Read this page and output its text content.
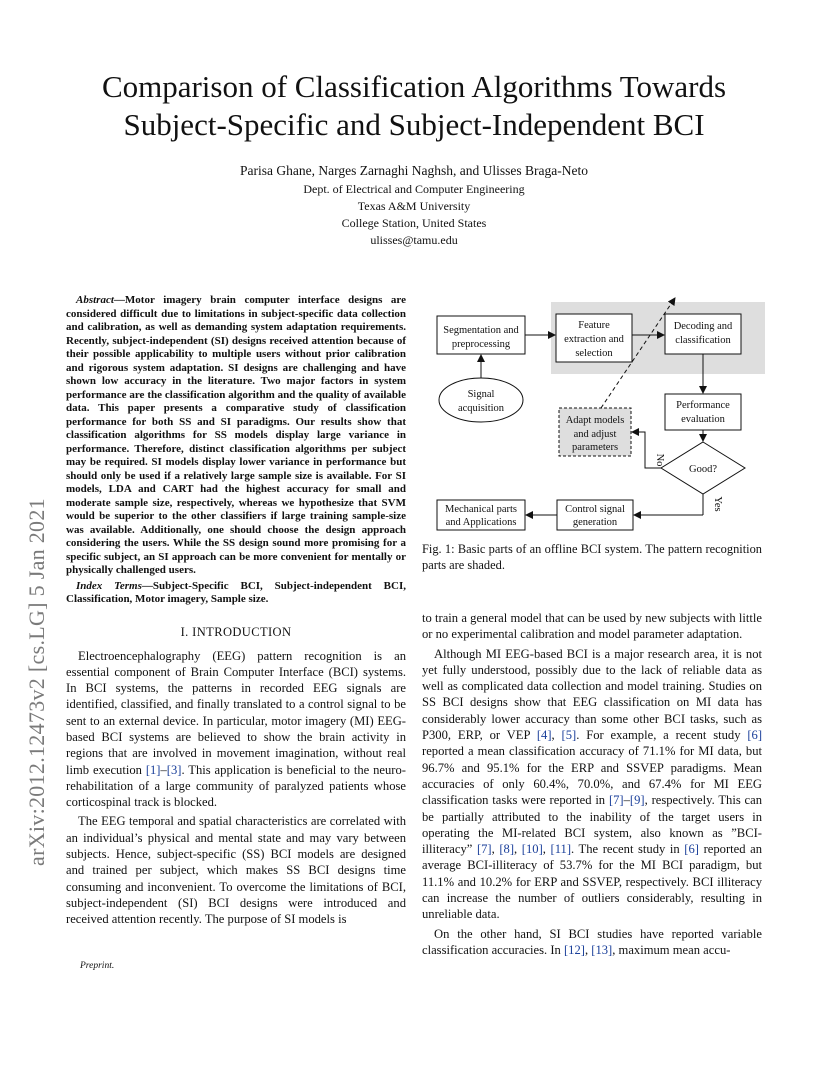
Comparison of Classification Algorithms Towards
Subject-Specific and Subject-Independent BCI
Parisa Ghane, Narges Zarnaghi Naghsh, and Ulisses Braga-Neto
Dept. of Electrical and Computer Engineering
Texas A&M University
College Station, United States
ulisses@tamu.edu
arXiv:2012.12473v2 [cs.LG] 5 Jan 2021

Abstract—Motor imagery brain computer interface designs are considered difficult due to limitations in subject-specific data collection and calibration, as well as demanding system adaptation requirements. Recently, subject-independent (SI) designs received attention because of their possible applicability to multiple users without prior calibration and rigorous system adaptation. SI designs are challenging and have shown low accuracy in the literature. Two major factors in system performance are the classification algorithm and the quality of available data. This paper presents a comparative study of classification performance for both SS and SI paradigms. Our results show that classification algorithms for SS models display large variance in performance. Therefore, distinct classification algorithms per subject may be required. SI models display lower variance in performance but should only be used if a relatively large sample size is available. For SI models, LDA and CART had the highest accuracy for small and moderate sample size, respectively, whereas we hypothesize that SVM would be superior to the other classifiers if large training sample-size was available. Additionally, one should choose the design approach considering the users. While the SS design sound more promising for a specific subject, an SI approach can be more convenient for mentally or physically challenged users.

Index Terms—Subject-Specific BCI, Subject-independent BCI, Classification, Motor imagery, Sample size.

I. INTRODUCTION

Electroencephalography (EEG) pattern recognition is an essential component of Brain Computer Interface (BCI) systems. In BCI systems, the patterns in recorded EEG signals are identified, classified, and finally translated to a control signal to be sent to an external device. In particular, motor imagery (MI) EEG-based BCI systems are believed to show the brain activity in regions that are involved in movement imagination, without real limb execution [1]–[3]. This application is beneficial to the neuro-rehabilitation of a large community of paralyzed patients whose corticospinal track is blocked.

The EEG temporal and spatial characteristics are correlated with an individual’s physical and mental state and may vary between subjects. Hence, subject-specific (SS) BCI models are designed and trained per subject, which makes SS BCI designs time consuming and inconvenient. To overcome the limitations of BCI, subject-independent (SI) BCI designs were introduced and received attention recently. The purpose of SI models is

Preprint.
Segmentation and
preprocessing
Feature
extraction and
selection
Decoding and
classification
Signal
acquisition
Adapt models
and adjust
parameters
Performance
evaluation
Good?
Mechanical parts
and Applications
Control signal
generation
No
Yes
Fig. 1: Basic parts of an offline BCI system. The pattern recognition parts are shaded.

to train a general model that can be used by new subjects with little or no experimental calibration and model parameter adaptation.

Although MI EEG-based BCI is a major research area, it is not yet fully understood, possibly due to the lack of reliable data as well as complicated data collection and model training. Studies on SS BCI designs show that EEG classification on MI data has considerably lower accuracy than some other BCI tasks, such as P300, ERP, or VEP [4], [5]. For example, a recent study [6] reported a mean classification accuracy of 71.1% for MI data, but 96.7% and 95.1% for the ERP and SSVEP paradigms. Mean accuracies of only 60.4%, 70.0%, and 67.4% for MI EEG classification tasks were reported in [7]–[9], respectively. This can be partially attributed to the inability of the target users in operating the MI-related BCI system, also known as ”BCI-illiteracy” [7], [8], [10], [11]. The recent study in [6] reported an average BCI-illiteracy of 53.7% for the MI BCI paradigm, but 11.1% and 10.2% for ERP and SSVEP, respectively. BCI illiteracy can increase the number of outliers considerably, resulting in unreliable data.

On the other hand, SI BCI studies have reported variable classification accuracies. In [12], [13], maximum mean accu-
